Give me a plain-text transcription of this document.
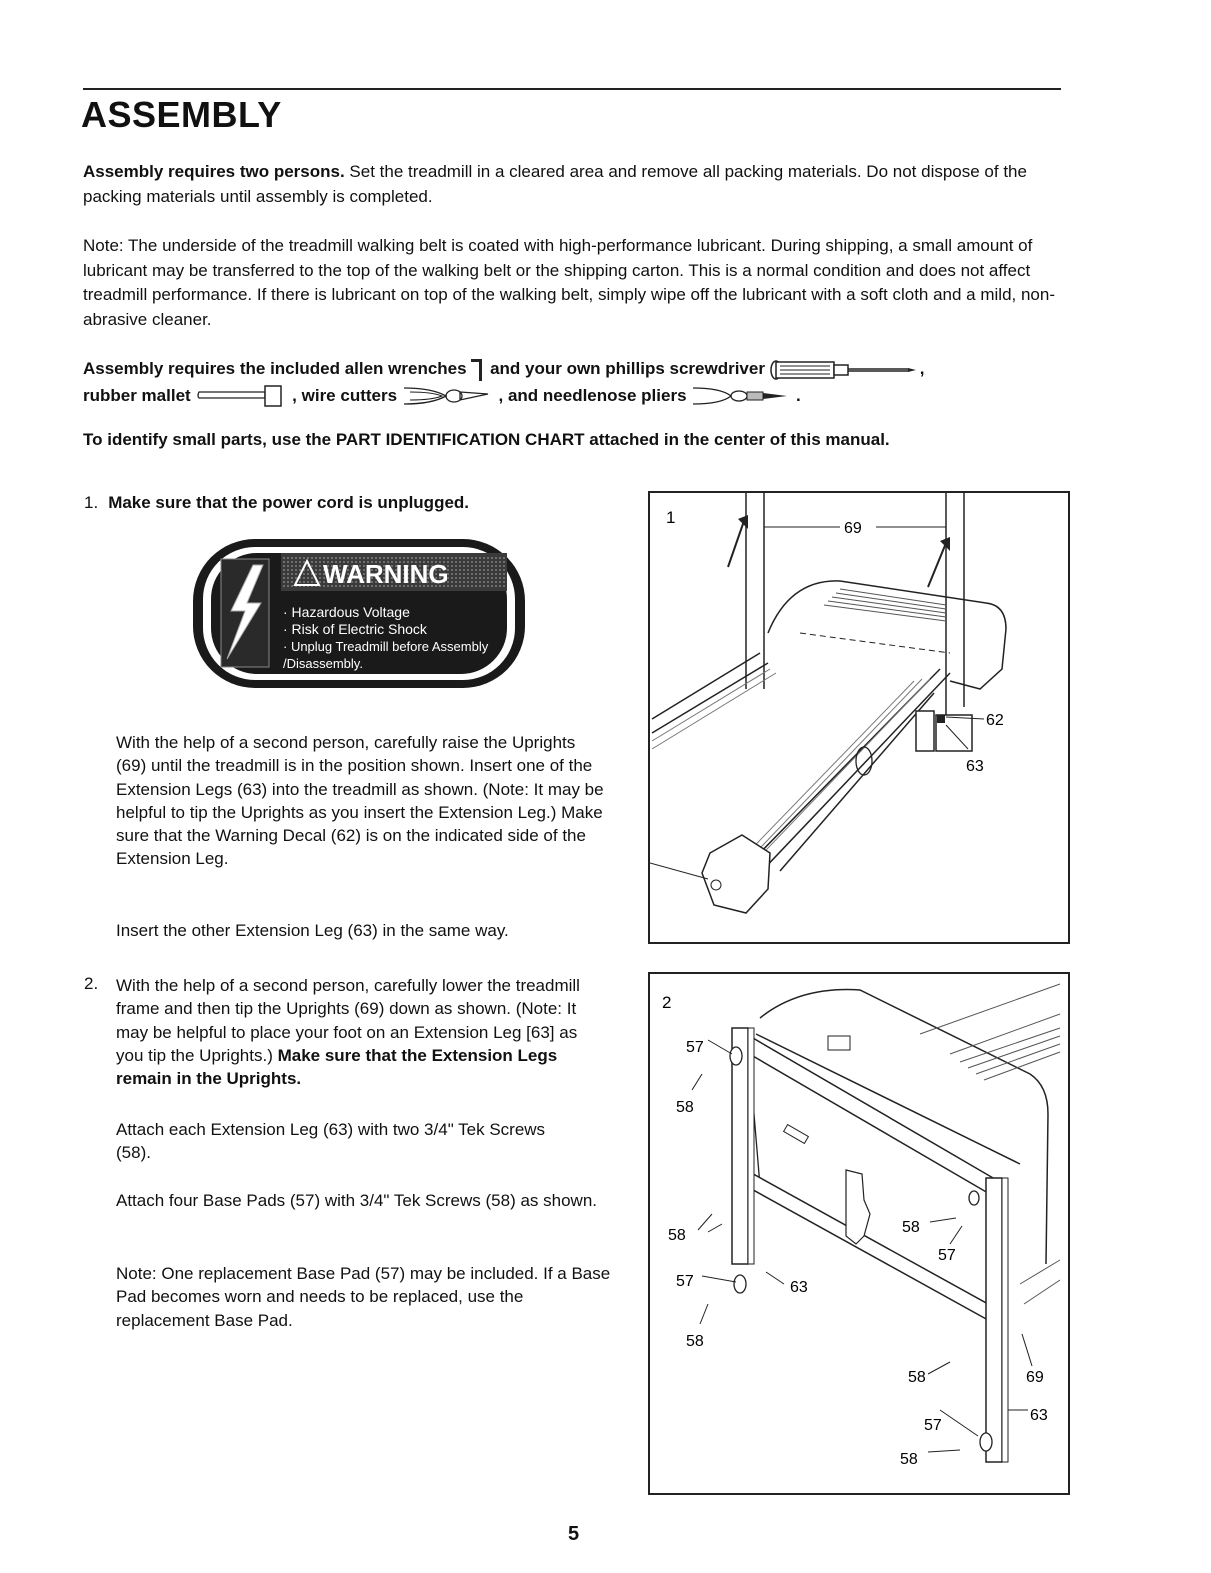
ASSEMBLY

Assembly requires two persons. Set the treadmill in a cleared area and remove all packing materials. Do not dispose of the packing materials until assembly is completed.

Note: The underside of the treadmill walking belt is coated with high-performance lubricant. During shipping, a small amount of lubricant may be transferred to the top of the walking belt or the shipping carton. This is a normal condition and does not affect treadmill performance. If there is lubricant on top of the walking belt, simply wipe off the lubricant with a soft cloth and a mild, non-abrasive cleaner.

Assembly requires the included allen wrenches and your own phillips screwdriver	,
rubber mallet	, wire cutters	, and needlenose pliers	.

To identify small parts, use the PART IDENTIFICATION CHART attached in the center of this manual.

1. Make sure that the power cord is unplugged.
WARNING
· Hazardous Voltage
· Risk of Electric Shock
· Unplug Treadmill before Assembly
/Disassembly.

With the help of a second person, carefully raise the Uprights (69) until the treadmill is in the position shown. Insert one of the Extension Legs (63) into the treadmill as shown. (Note: It may be helpful to tip the Uprights as you insert the Extension Leg.) Make sure that the Warning Decal (62) is on the indicated side of the Extension Leg.

Insert the other Extension Leg (63) in the same way.

2. With the help of a second person, carefully lower the treadmill frame and then tip the Uprights (69) down as shown. (Note: It may be helpful to place your foot on an Extension Leg [63] as you tip the Uprights.) Make sure that the Extension Legs remain in the Uprights.

Attach each Extension Leg (63) with two 3/4" Tek Screws (58).

Attach four Base Pads (57) with 3/4" Tek Screws (58) as shown.

Note: One replacement Base Pad (57) may be included. If a Base Pad becomes worn and needs to be replaced, use the replacement Base Pad.

1
69
62
63
2
57
58
58
57	63
58
58
57
58
57
58
69
63
5
